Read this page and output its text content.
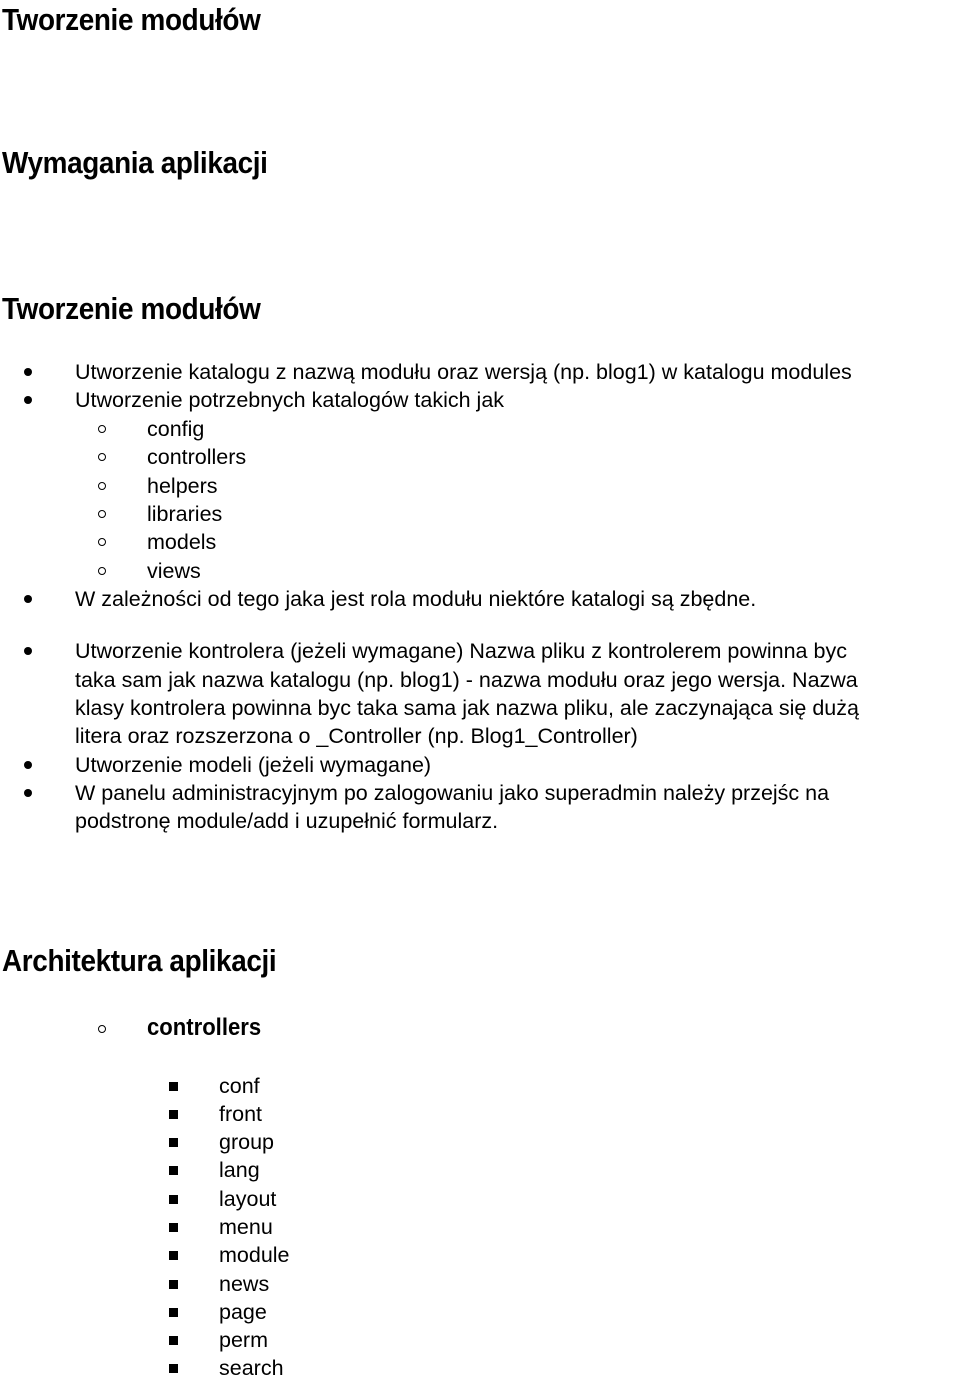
Tworzenie modułów
Wymagania aplikacji
Tworzenie modułów
Utworzenie katalogu z nazwą modułu oraz wersją (np. blog1) w katalogu modules
Utworzenie potrzebnych katalogów takich jak
config
controllers
helpers
libraries
models
views
W zależności od tego jaka jest rola modułu niektóre katalogi są zbędne.
Utworzenie kontrolera (jeżeli wymagane) Nazwa pliku z kontrolerem powinna byc
taka sam jak nazwa katalogu (np. blog1) - nazwa modułu oraz jego wersja. Nazwa
klasy kontrolera powinna byc taka sama jak nazwa pliku, ale zaczynająca się dużą
litera oraz rozszerzona o _Controller (np. Blog1_Controller)
Utworzenie modeli (jeżeli wymagane)
W panelu administracyjnym po zalogowaniu jako superadmin należy przejśc na
podstronę module/add i uzupełnić formularz.
Architektura aplikacji
controllers
conf
front
group
lang
layout
menu
module
news
page
perm
search
